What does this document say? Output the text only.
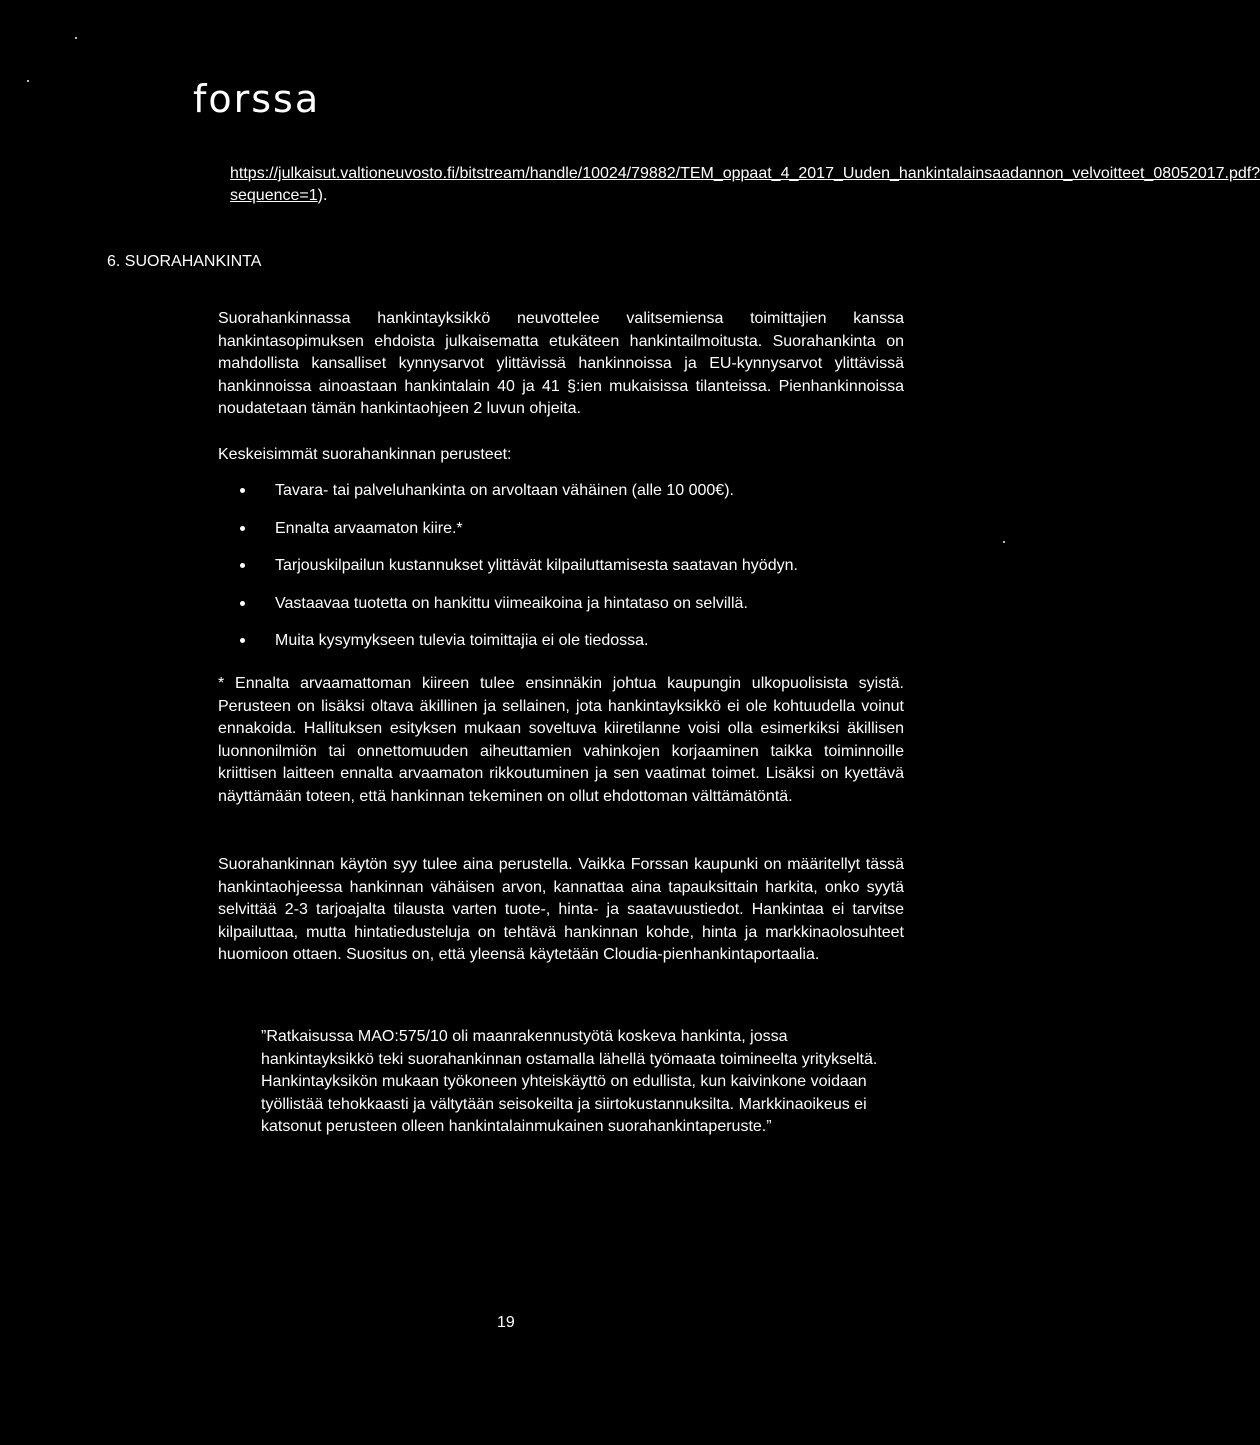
forssa
https://julkaisut.valtioneuvosto.fi/bitstream/handle/10024/79882/TEM_oppaat_4_2017_Uuden_hankintalainsaadannon_velvoitteet_08052017.pdf?sequence=1).
6. SUORAHANKINTA

Suorahankinnassa hankintayksikkö neuvottelee valitsemiensa toimittajien kanssa hankintasopimuksen ehdoista julkaisematta etukäteen hankintailmoitusta. Suorahankinta on mahdollista kansalliset kynnysarvot ylittävissä hankinnoissa ja EU-kynnysarvot ylittävissä hankinnoissa ainoastaan hankintalain 40 ja 41 §:ien mukaisissa tilanteissa. Pienhankinnoissa noudatetaan tämän hankintaohjeen 2 luvun ohjeita.

Keskeisimmät suorahankinnan perusteet:

Tavara- tai palveluhankinta on arvoltaan vähäinen (alle 10 000€).
Ennalta arvaamaton kiire.*
Tarjouskilpailun kustannukset ylittävät kilpailuttamisesta saatavan hyödyn.
Vastaavaa tuotetta on hankittu viimeaikoina ja hintataso on selvillä.
Muita kysymykseen tulevia toimittajia ei ole tiedossa.

* Ennalta arvaamattoman kiireen tulee ensinnäkin johtua kaupungin ulkopuolisista syistä. Perusteen on lisäksi oltava äkillinen ja sellainen, jota hankintayksikkö ei ole kohtuudella voinut ennakoida. Hallituksen esityksen mukaan soveltuva kiiretilanne voisi olla esimerkiksi äkillisen luonnonilmiön tai onnettomuuden aiheuttamien vahinkojen korjaaminen taikka toiminnoille kriittisen laitteen ennalta arvaamaton rikkoutuminen ja sen vaatimat toimet. Lisäksi on kyettävä näyttämään toteen, että hankinnan tekeminen on ollut ehdottoman välttämätöntä.

Suorahankinnan käytön syy tulee aina perustella. Vaikka Forssan kaupunki on määritellyt tässä hankintaohjeessa hankinnan vähäisen arvon, kannattaa aina tapauksittain harkita, onko syytä selvittää 2-3 tarjoajalta tilausta varten tuote-, hinta- ja saatavuustiedot. Hankintaa ei tarvitse kilpailuttaa, mutta hintatiedusteluja on tehtävä hankinnan kohde, hinta ja markkinaolosuhteet huomioon ottaen. Suositus on, että yleensä käytetään Cloudia-pienhankintaportaalia.

”Ratkaisussa MAO:575/10 oli maanrakennustyötä koskeva hankinta, jossa hankintayksikkö teki suorahankinnan ostamalla lähellä työmaata toimineelta yritykseltä. Hankintayksikön mukaan työkoneen yhteiskäyttö on edullista, kun kaivinkone voidaan työllistää tehokkaasti ja vältytään seisokeilta ja siirtokustannuksilta. Markkinaoikeus ei katsonut perusteen olleen hankintalainmukainen suorahankintaperuste.”

19
